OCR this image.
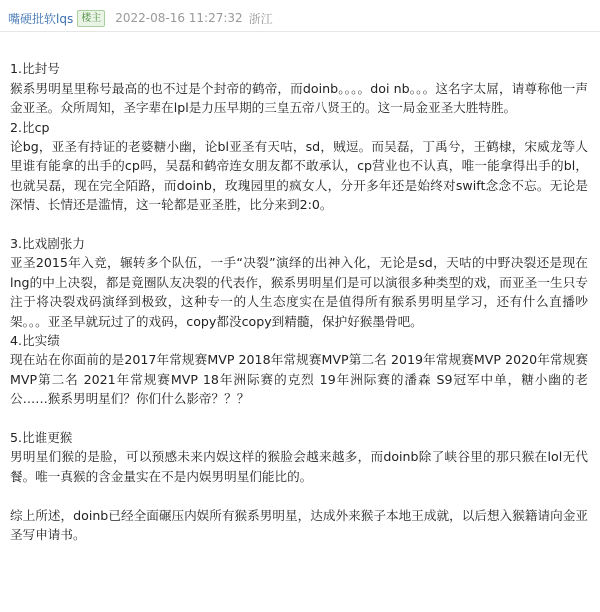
嘴硬批软lqs 楼主	2022-08-16 11:27:32 浙江

1.比封号

猴系男明星里称号最高的也不过是个封帝的鹤帝，而doinb。。。。doi nb。。。这名字太屌，请尊称他一声金亚圣。众所周知，圣字辈在lpl是力压早期的三皇五帝八贤王的。这一局金亚圣大胜特胜。

2.比cp

论bg，亚圣有持证的老婆糖小幽，论bl亚圣有天咕，sd，贼逗。而吴磊，丁禹兮，王鹤棣，宋威龙等人里谁有能拿的出手的cp吗，吴磊和鹤帝连女朋友都不敢承认，cp营业也不认真，唯一能拿得出手的bl，也就吴磊，现在完全陌路，而doinb，玫瑰园里的疯女人，分开多年还是始终对swift念念不忘。无论是深情、长情还是滥情，这一轮都是亚圣胜，比分来到2:0。

3.比戏剧张力

亚圣2015年入竞，辗转多个队伍，一手“决裂”演绎的出神入化，无论是sd，天咕的中野决裂还是现在lng的中上决裂，都是竟圈队友决裂的代表作，猴系男明星们是可以演很多种类型的戏，而亚圣一生只专注于将决裂戏码演绎到极致，这种专一的人生态度实在是值得所有猴系男明星学习，还有什么直播吵架。。。亚圣早就玩过了的戏码，copy都没copy到精髓，保护好猴墨骨吧。

4.比实绩

现在站在你面前的是2017年常规赛MVP 2018年常规赛MVP第二名 2019年常规赛MVP 2020年常规赛MVP第二名 2021年常规赛MVP 18年洲际赛的克烈 19年洲际赛的潘森 S9冠军中单，糖小幽的老公……猴系男明星们？你们什么影帝？？？

5.比谁更猴

男明星们猴的是脸，可以预感未来内娱这样的猴脸会越来越多，而doinb除了峡谷里的那只猴在lol无代餐。唯一真猴的含金量实在不是内娱男明星们能比的。

综上所述，doinb已经全面碾压内娱所有猴系男明星，达成外来猴子本地王成就，以后想入猴籍请向金亚圣写申请书。
